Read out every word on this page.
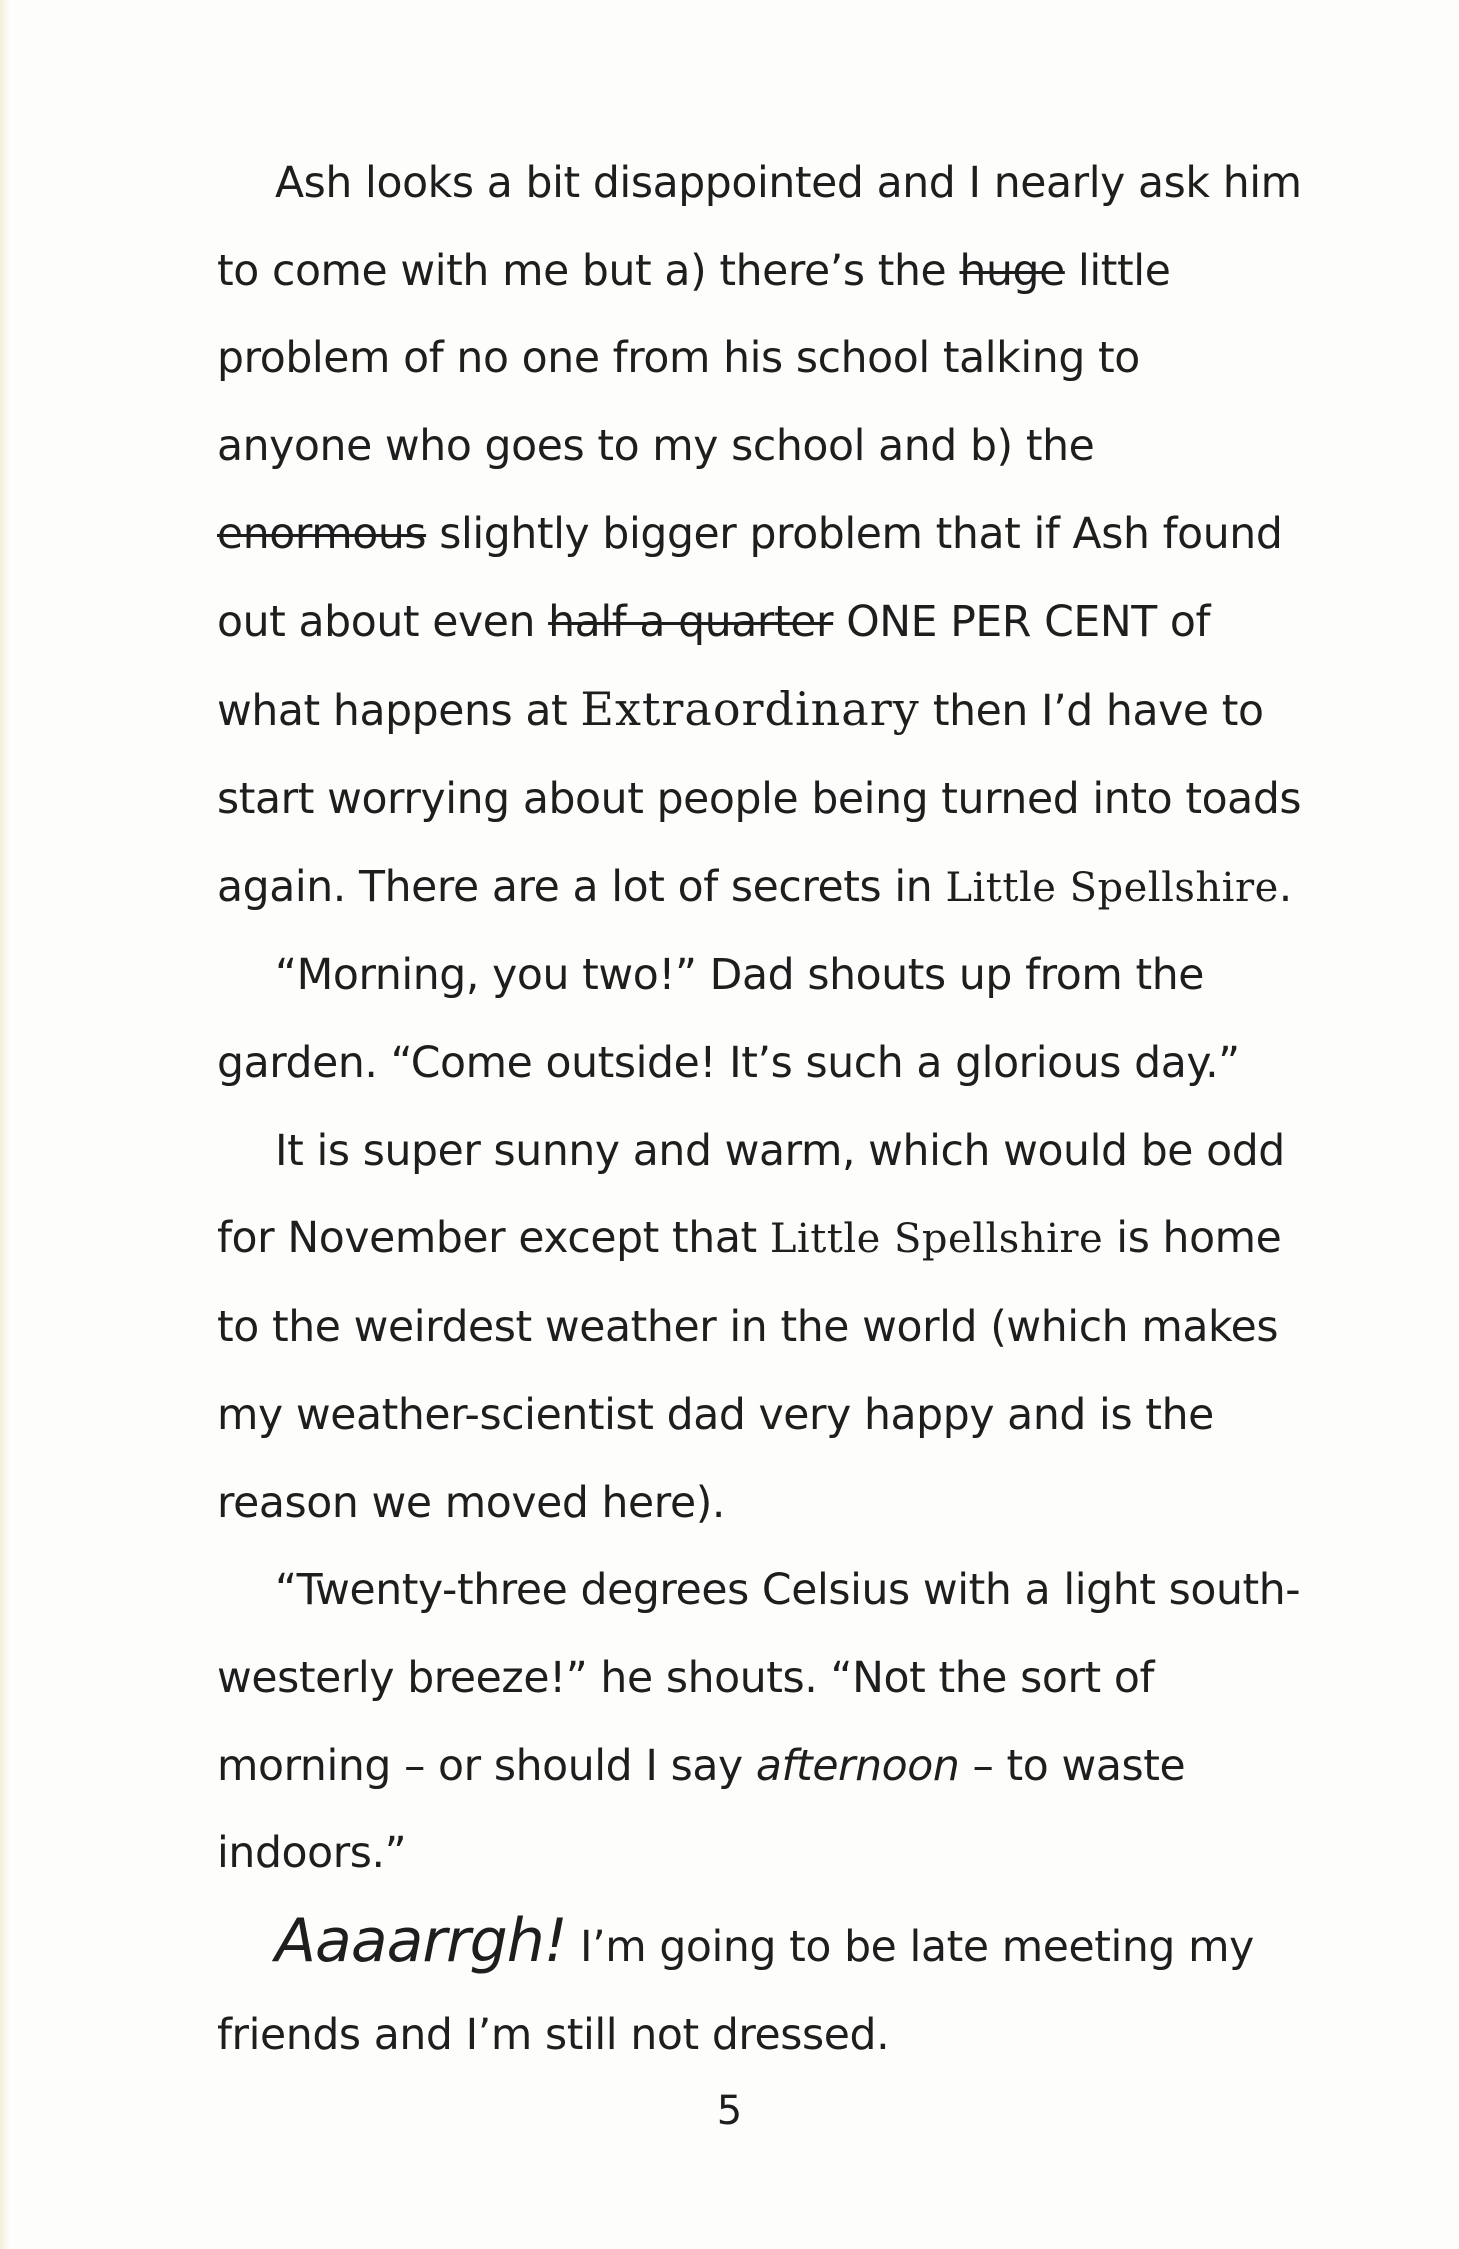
Ash looks a bit disappointed and I nearly ask him to come with me but a) there’s the huge little problem of no one from his school talking to anyone who goes to my school and b) the enormous slightly bigger problem that if Ash found out about even half a quarter ONE PER CENT of what happens at Extraordinary then I’d have to start worrying about people being turned into toads again. There are a lot of secrets in Little Spellshire.

“Morning, you two!” Dad shouts up from the garden. “Come outside! It’s such a glorious day.”

It is super sunny and warm, which would be odd for November except that Little Spellshire is home to the weirdest weather in the world (which makes my weather-scientist dad very happy and is the reason we moved here).

“Twenty-three degrees Celsius with a light south-westerly breeze!” he shouts. “Not the sort of morning – or should I say afternoon – to waste indoors.”

Aaaarrgh! I’m going to be late meeting my friends and I’m still not dressed.

5
